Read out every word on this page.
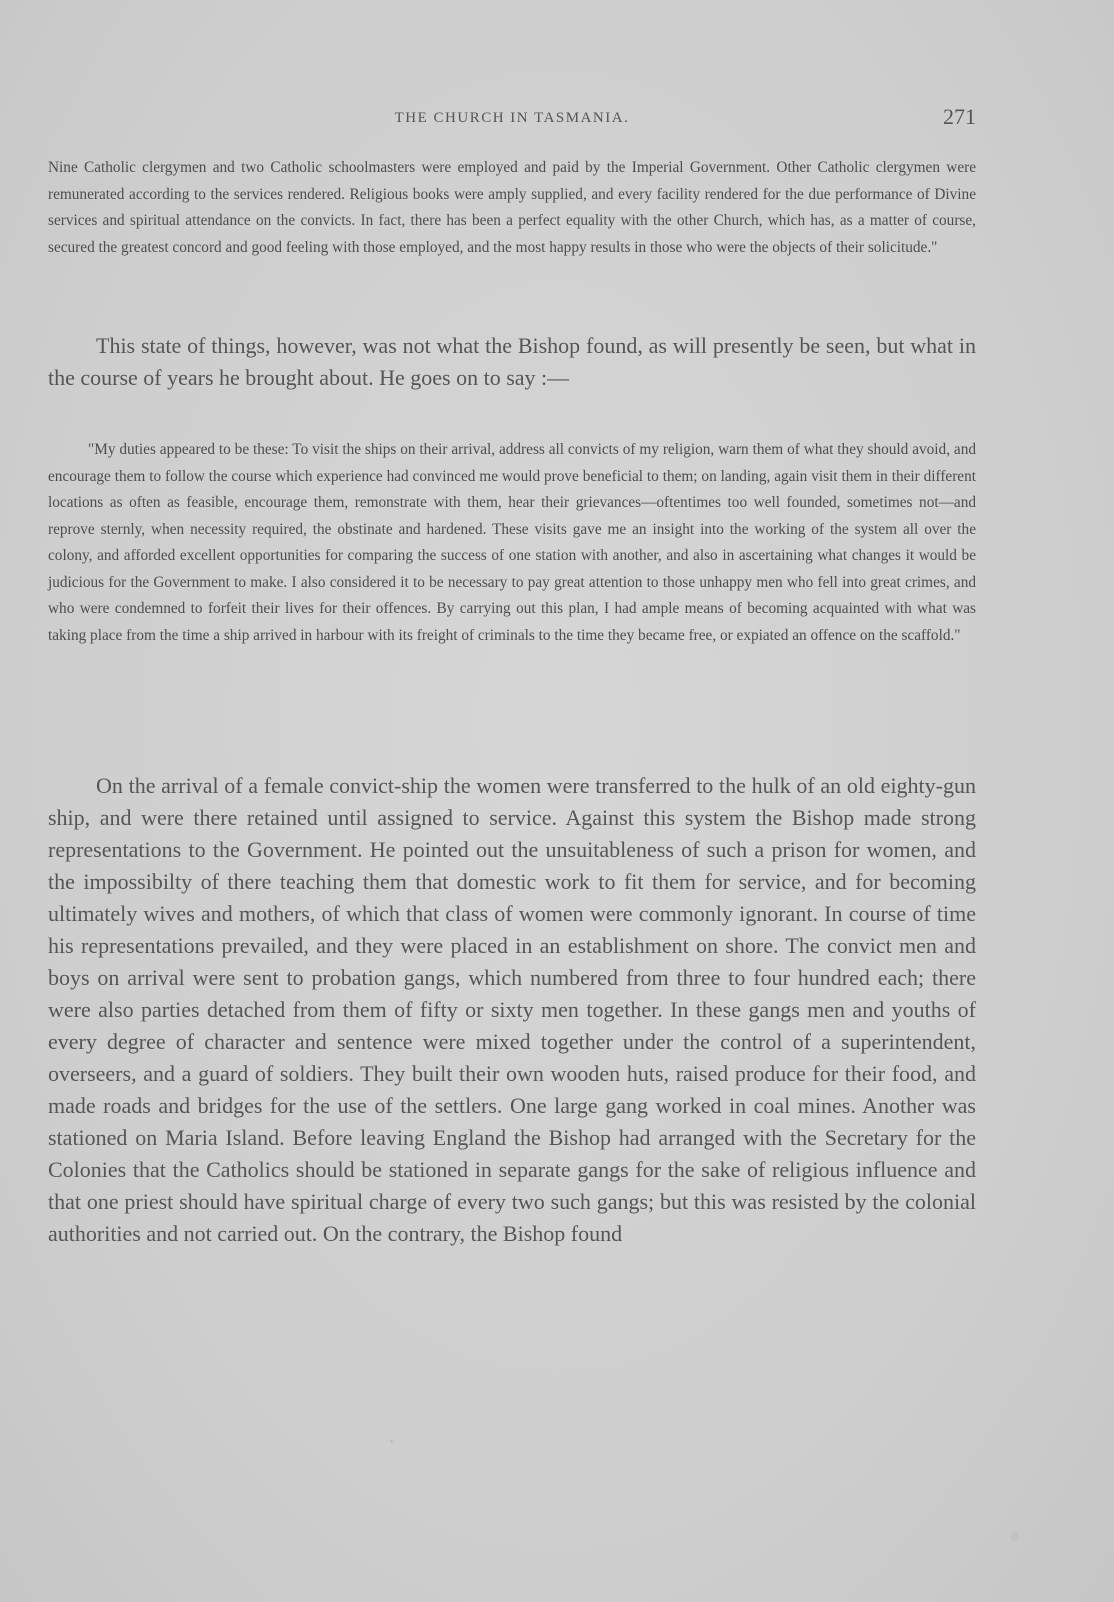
THE CHURCH IN TASMANIA.	271

Nine Catholic clergymen and two Catholic schoolmasters were employed and paid by the Imperial Government. Other Catholic clergymen were remunerated according to the services rendered. Religious books were amply supplied, and every facility rendered for the due performance of Divine services and spiritual attendance on the convicts. In fact, there has been a perfect equality with the other Church, which has, as a matter of course, secured the greatest concord and good feeling with those employed, and the most happy results in those who were the objects of their solicitude."

This state of things, however, was not what the Bishop found, as will presently be seen, but what in the course of years he brought about. He goes on to say :—

"My duties appeared to be these: To visit the ships on their arrival, address all convicts of my religion, warn them of what they should avoid, and encourage them to follow the course which experience had convinced me would prove beneficial to them; on landing, again visit them in their different locations as often as feasible, encourage them, remonstrate with them, hear their grievances—oftentimes too well founded, sometimes not—and reprove sternly, when necessity required, the obstinate and hardened. These visits gave me an insight into the working of the system all over the colony, and afforded excellent opportunities for comparing the success of one station with another, and also in ascertaining what changes it would be judicious for the Government to make. I also considered it to be necessary to pay great attention to those unhappy men who fell into great crimes, and who were condemned to forfeit their lives for their offences. By carrying out this plan, I had ample means of becoming acquainted with what was taking place from the time a ship arrived in harbour with its freight of criminals to the time they became free, or expiated an offence on the scaffold."

On the arrival of a female convict-ship the women were transferred to the hulk of an old eighty-gun ship, and were there retained until assigned to service. Against this system the Bishop made strong representations to the Government. He pointed out the unsuitableness of such a prison for women, and the impossibilty of there teaching them that domestic work to fit them for service, and for becoming ultimately wives and mothers, of which that class of women were commonly ignorant. In course of time his representations prevailed, and they were placed in an establishment on shore. The convict men and boys on arrival were sent to probation gangs, which numbered from three to four hundred each; there were also parties detached from them of fifty or sixty men together. In these gangs men and youths of every degree of character and sentence were mixed together under the control of a superintendent, overseers, and a guard of soldiers. They built their own wooden huts, raised produce for their food, and made roads and bridges for the use of the settlers. One large gang worked in coal mines. Another was stationed on Maria Island. Before leaving England the Bishop had arranged with the Secretary for the Colonies that the Catholics should be stationed in separate gangs for the sake of religious influence and that one priest should have spiritual charge of every two such gangs; but this was resisted by the colonial authorities and not carried out. On the contrary, the Bishop found
